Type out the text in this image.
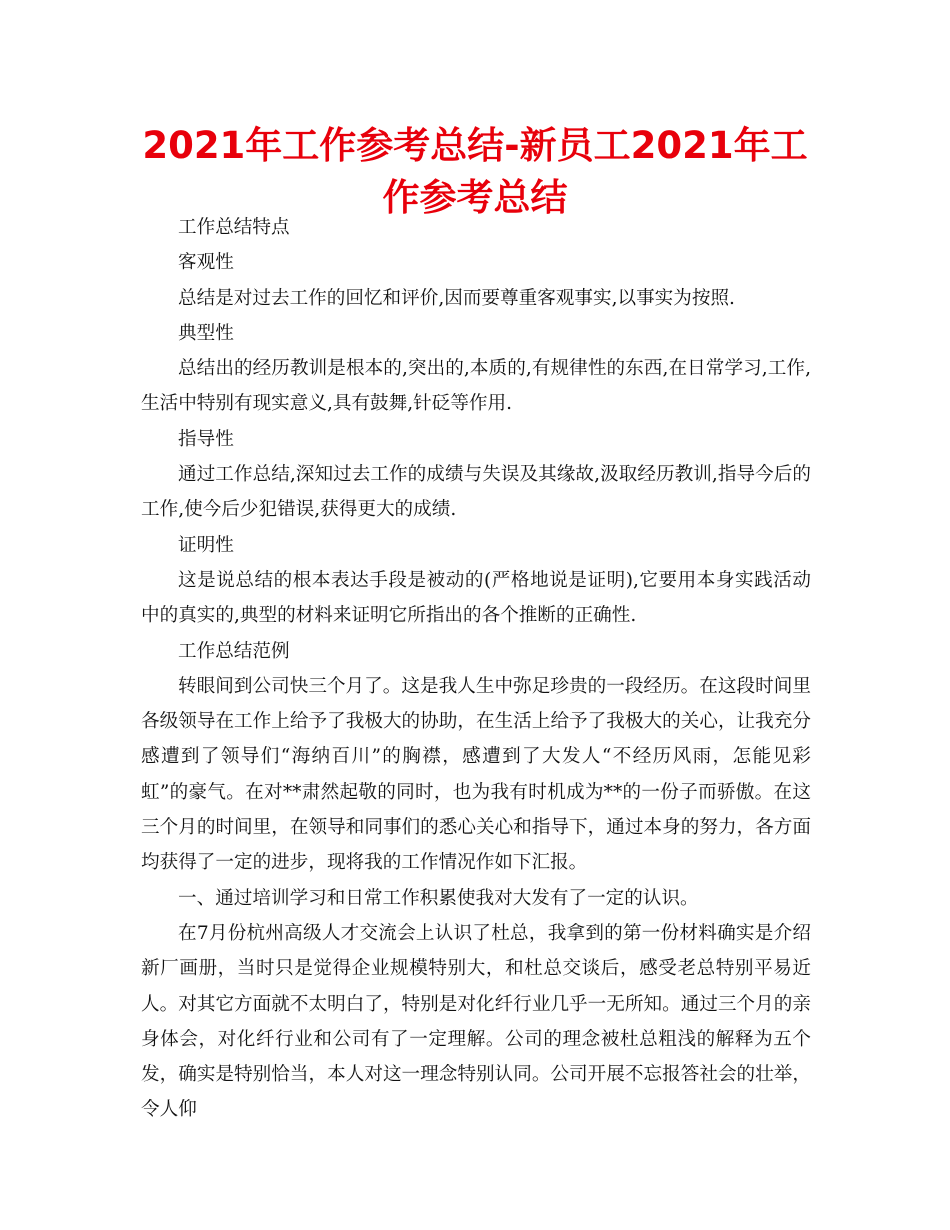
2021年工作参考总结-新员工2021年工作参考总结

工作总结特点

客观性

总结是对过去工作的回忆和评价,因而要尊重客观事实,以事实为按照.

典型性

总结出的经历教训是根本的,突出的,本质的,有规律性的东西,在日常学习,工作,生活中特别有现实意义,具有鼓舞,针砭等作用.

指导性

通过工作总结,深知过去工作的成绩与失误及其缘故,汲取经历教训,指导今后的工作,使今后少犯错误,获得更大的成绩.

证明性

这是说总结的根本表达手段是被动的(严格地说是证明),它要用本身实践活动中的真实的,典型的材料来证明它所指出的各个推断的正确性.

工作总结范例

转眼间到公司快三个月了。这是我人生中弥足珍贵的一段经历。在这段时间里各级领导在工作上给予了我极大的协助，在生活上给予了我极大的关心，让我充分感遭到了领导们“海纳百川”的胸襟，感遭到了大发人“不经历风雨，怎能见彩虹”的豪气。在对**肃然起敬的同时，也为我有时机成为**的一份子而骄傲。在这三个月的时间里，在领导和同事们的悉心关心和指导下，通过本身的努力，各方面均获得了一定的进步，现将我的工作情况作如下汇报。

一、通过培训学习和日常工作积累使我对大发有了一定的认识。

在7月份杭州高级人才交流会上认识了杜总，我拿到的第一份材料确实是介绍新厂画册，当时只是觉得企业规模特别大，和杜总交谈后，感受老总特别平易近人。对其它方面就不太明白了，特别是对化纤行业几乎一无所知。通过三个月的亲身体会，对化纤行业和公司有了一定理解。公司的理念被杜总粗浅的解释为五个发，确实是特别恰当，本人对这一理念特别认同。公司开展不忘报答社会的壮举，令人仰
